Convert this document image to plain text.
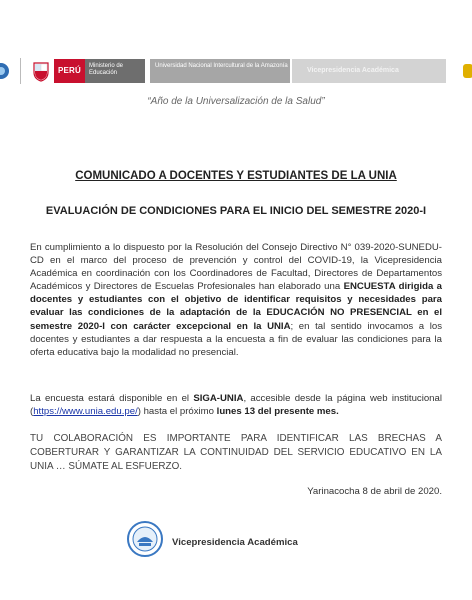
PERÚ	Ministerio de Educación
Universidad Nacional Intercultural de la Amazonía
Vicepresidencia Académica
“Año de la Universalización de la Salud”
COMUNICADO A DOCENTES Y ESTUDIANTES DE LA UNIA
EVALUACIÓN DE CONDICIONES PARA EL INICIO DEL SEMESTRE 2020-I

En cumplimiento a lo dispuesto por la Resolución del Consejo Directivo N° 039-2020-SUNEDU-CD en el marco del proceso de prevención y control del COVID-19, la Vicepresidencia Académica en coordinación con los Coordinadores de Facultad, Directores de Departamentos Académicos y Directores de Escuelas Profesionales han elaborado una ENCUESTA dirigida a docentes y estudiantes con el objetivo de identificar requisitos y necesidades para evaluar las condiciones de la adaptación de la EDUCACIÓN NO PRESENCIAL en el semestre 2020-I con carácter excepcional en la UNIA; en tal sentido invocamos a los docentes y estudiantes a dar respuesta a la encuesta a fin de evaluar las condiciones para la oferta educativa bajo la modalidad no presencial.

La encuesta estará disponible en el SIGA-UNIA, accesible desde la página web institucional (https://www.unia.edu.pe/) hasta el próximo lunes 13 del presente mes.

TU COLABORACIÓN ES IMPORTANTE PARA IDENTIFICAR LAS BRECHAS A COBERTURAR Y GARANTIZAR LA CONTINUIDAD DEL SERVICIO EDUCATIVO EN LA UNIA … SÚMATE AL ESFUERZO.

Yarinacocha 8 de abril de 2020.
Vicepresidencia Académica
